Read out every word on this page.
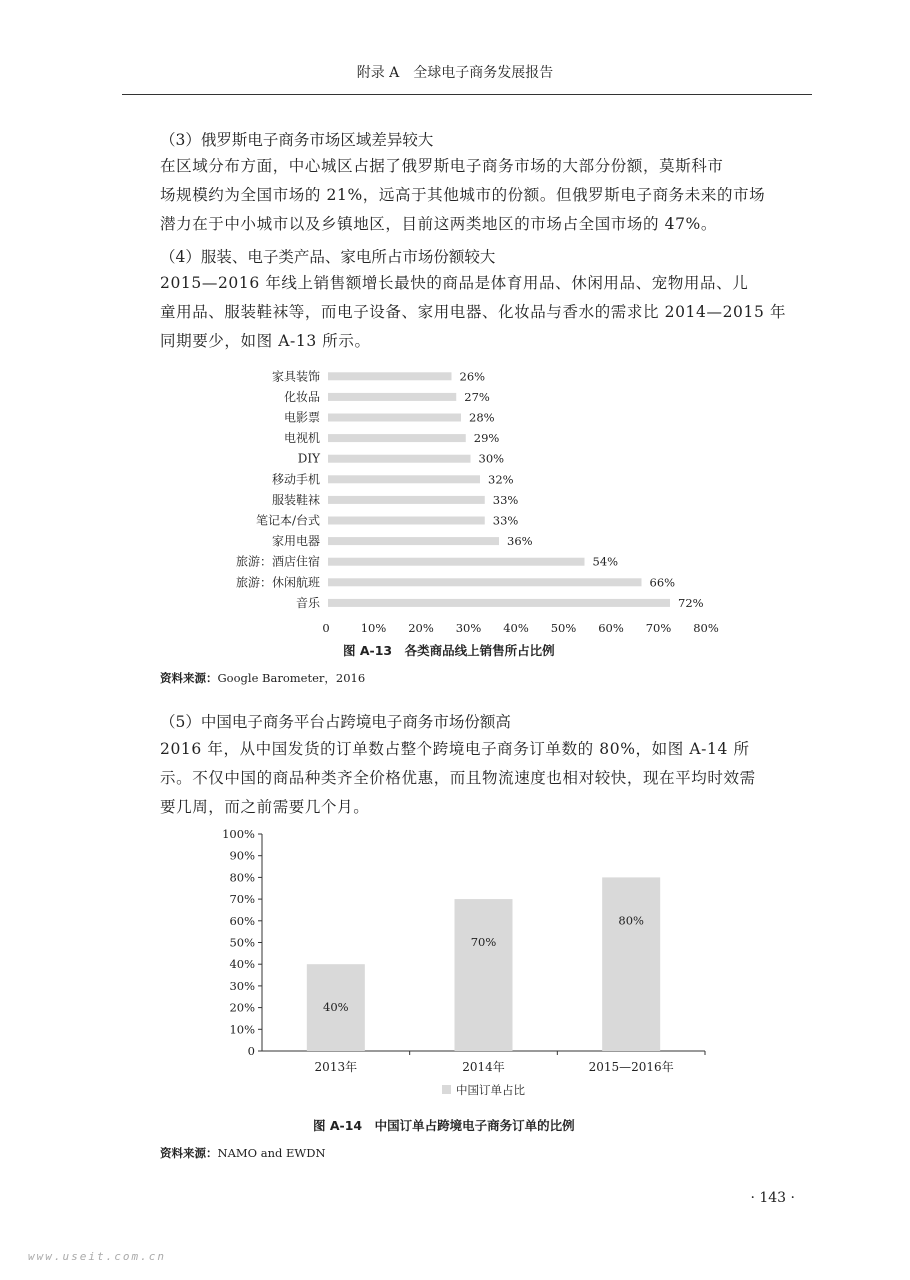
附录 A　全球电子商务发展报告
（3）俄罗斯电子商务市场区域差异较大
在区域分布方面，中心城区占据了俄罗斯电子商务市场的大部分份额，莫斯科市
场规模约为全国市场的 21%，远高于其他城市的份额。但俄罗斯电子商务未来的市场
潜力在于中小城市以及乡镇地区，目前这两类地区的市场占全国市场的 47%。
（4）服装、电子类产品、家电所占市场份额较大
2015—2016 年线上销售额增长最快的商品是体育用品、休闲用品、宠物用品、儿
童用品、服装鞋袜等，而电子设备、家用电器、化妆品与香水的需求比 2014—2015 年
同期要少，如图 A-13 所示。
家具装饰	26%
化妆品	27%
电影票	28%
电视机	29%
DIY	30%
移动手机	32%
服装鞋袜	33%
笔记本/台式	33%
家用电器	36%
旅游：酒店住宿	54%
旅游：休闲航班	66%
音乐	72%
0	10% 20% 30% 40% 50% 60% 70% 80%
图 A-13　各类商品线上销售所占比例
资料来源：Google Barometer，2016
（5）中国电子商务平台占跨境电子商务市场份额高
2016 年，从中国发货的订单数占整个跨境电子商务订单数的 80%，如图 A-14 所
示。不仅中国的商品种类齐全价格优惠，而且物流速度也相对较快，现在平均时效需
要几周，而之前需要几个月。
0
10%
20%
30%
40%
50%
60%
70%
80%
90%
100%
40%
2013年
70%
2014年
80%
2015—2016年
中国订单占比
图 A-14　中国订单占跨境电子商务订单的比例
资料来源：NAMO and EWDN
· 143 ·
www.useit.com.cn
